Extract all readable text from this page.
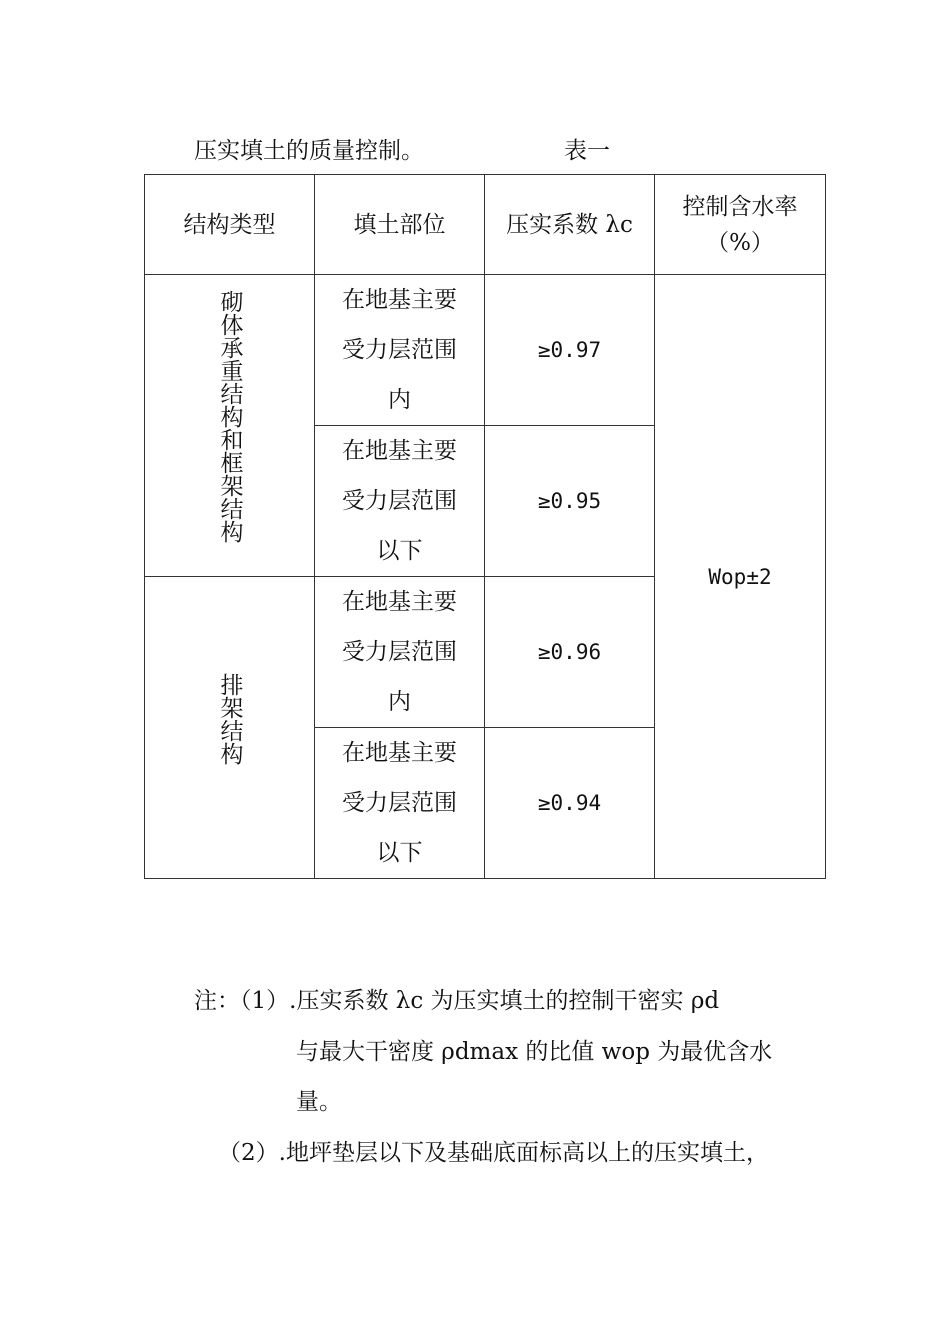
压实填土的质量控制。	表一
结构类型	填土部位	压实系数 λc	控制含水率
（%）

砌体承重结构和框架结构	在地基主要
受力层范围
内	≥0.97	Wop±2

	在地基主要
受力层范围
以下	≥0.95	
排架结构	在地基主要
受力层范围
内	≥0.96	

	在地基主要
受力层范围
以下	≥0.94	
注：（1）.压实系数 λc 为压实填土的控制干密实 ρd
与最大干密度 ρdmax 的比值 wop 为最优含水
量。
（2）.地坪垫层以下及基础底面标高以上的压实填土，
